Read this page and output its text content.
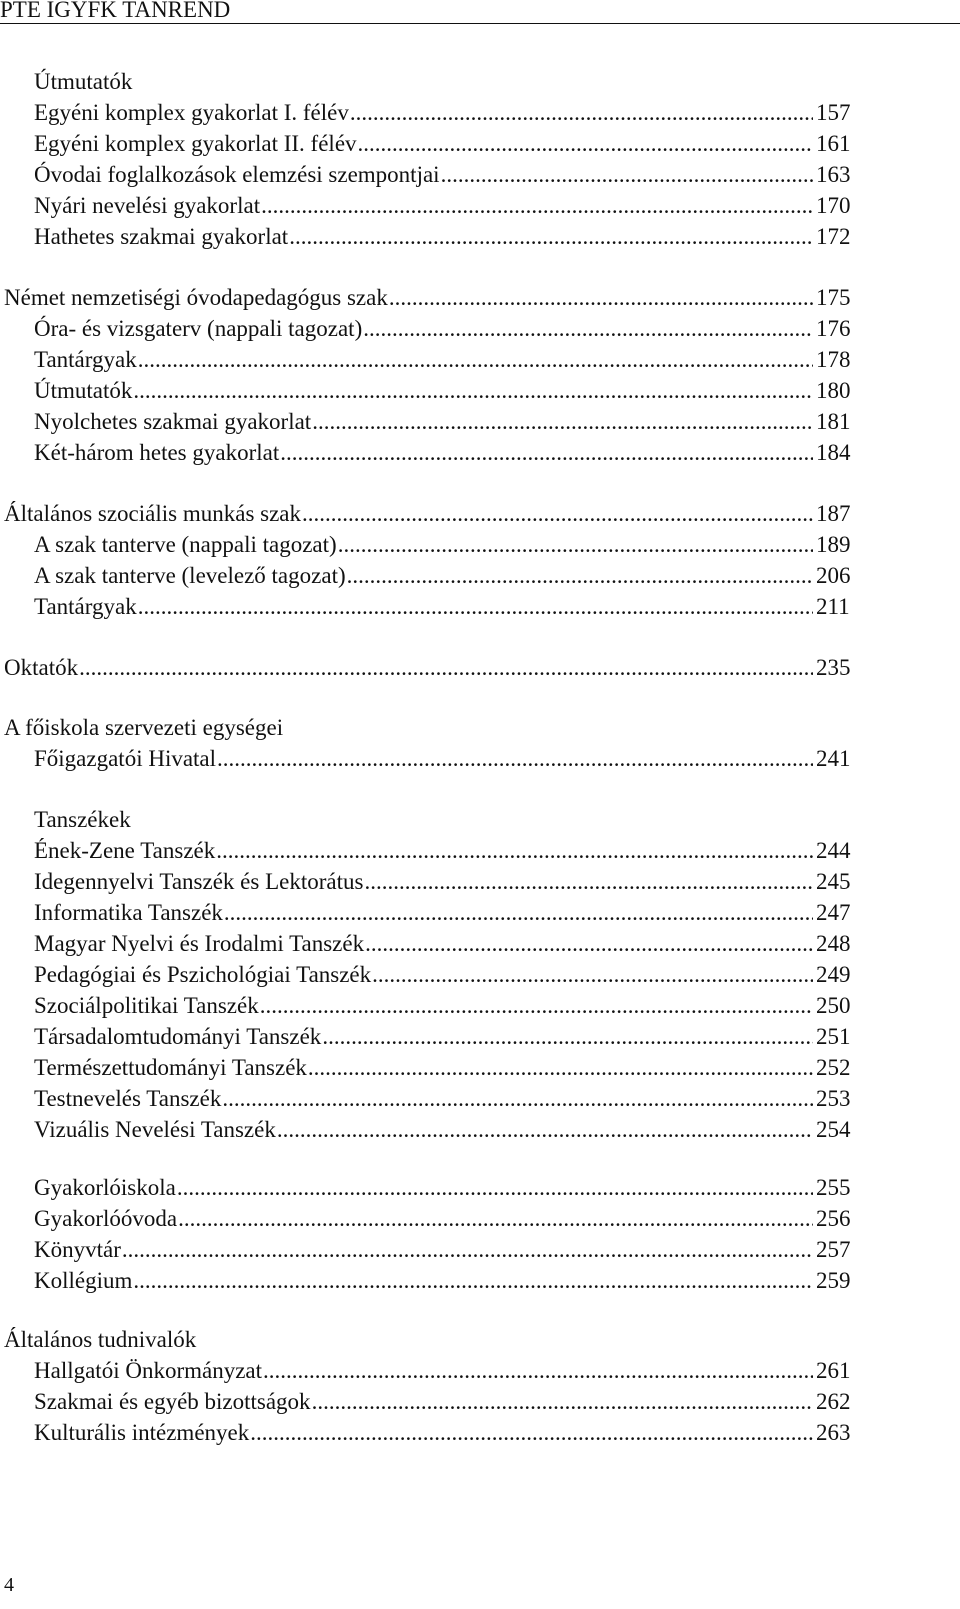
PTE IGYFK TANREND
Útmutatók
Egyéni komplex gyakorlat I. félév .....	157
Egyéni komplex gyakorlat II. félév .....	161
Óvodai foglalkozások elemzési szempontjai .....	163
Nyári nevelési gyakorlat .....	170
Hathetes szakmai gyakorlat .....	172
Német nemzetiségi óvodapedagógus szak .....	175
Óra- és vizsgaterv (nappali tagozat) .....	176
Tantárgyak .....	178
Útmutatók .....	180
Nyolchetes szakmai gyakorlat .....	181
Két-három hetes gyakorlat .....	184
Általános szociális munkás szak .....	187
A szak tanterve (nappali tagozat) .....	189
A szak tanterve (levelező tagozat) .....	206
Tantárgyak .....	211
Oktatók .....	235
A főiskola szervezeti egységei
Főigazgatói Hivatal .....	241
Tanszékek
Ének-Zene Tanszék .....	244
Idegennyelvi Tanszék és Lektorátus .....	245
Informatika Tanszék .....	247
Magyar Nyelvi és Irodalmi Tanszék .....	248
Pedagógiai és Pszichológiai Tanszék .....	249
Szociálpolitikai Tanszék .....	250
Társadalomtudományi Tanszék .....	251
Természettudományi Tanszék .....	252
Testnevelés Tanszék .....	253
Vizuális Nevelési Tanszék .....	254
Gyakorlóiskola .....	255
Gyakorlóóvoda .....	256
Könyvtár .....	257
Kollégium .....	259
Általános tudnivalók
Hallgatói Önkormányzat .....	261
Szakmai és egyéb bizottságok .....	262
Kulturális intézmények .....	263
4
